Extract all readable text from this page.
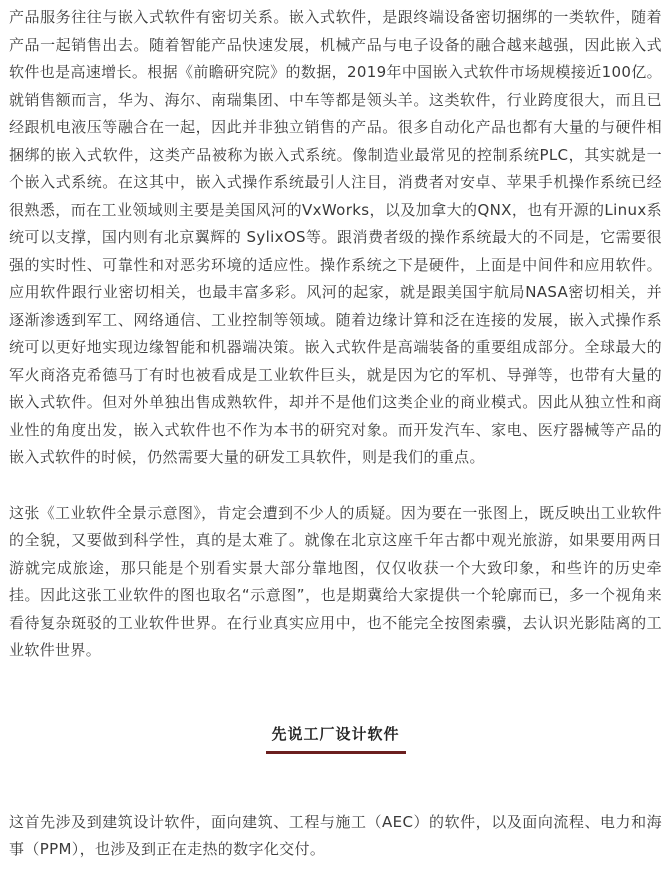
产品服务往往与嵌入式软件有密切关系。嵌入式软件，是跟终端设备密切捆绑的一类软件，随着产品一起销售出去。随着智能产品快速发展，机械产品与电子设备的融合越来越强，因此嵌入式软件也是高速增长。根据《前瞻研究院》的数据，2019年中国嵌入式软件市场规模接近100亿。就销售额而言，华为、海尔、南瑞集团、中车等都是领头羊。这类软件，行业跨度很大，而且已经跟机电液压等融合在一起，因此并非独立销售的产品。很多自动化产品也都有大量的与硬件相捆绑的嵌入式软件，这类产品被称为嵌入式系统。像制造业最常见的控制系统PLC，其实就是一个嵌入式系统。在这其中，嵌入式操作系统最引人注目，消费者对安卓、苹果手机操作系统已经很熟悉，而在工业领域则主要是美国风河的VxWorks，以及加拿大的QNX，也有开源的Linux系统可以支撑，国内则有北京翼辉的 SylixOS等。跟消费者级的操作系统最大的不同是，它需要很强的实时性、可靠性和对恶劣环境的适应性。操作系统之下是硬件，上面是中间件和应用软件。应用软件跟行业密切相关，也最丰富多彩。风河的起家，就是跟美国宇航局NASA密切相关，并逐渐渗透到军工、网络通信、工业控制等领域。随着边缘计算和泛在连接的发展，嵌入式操作系统可以更好地实现边缘智能和机器端决策。嵌入式软件是高端装备的重要组成部分。全球最大的军火商洛克希德马丁有时也被看成是工业软件巨头，就是因为它的军机、导弹等，也带有大量的嵌入式软件。但对外单独出售成熟软件，却并不是他们这类企业的商业模式。因此从独立性和商业性的角度出发，嵌入式软件也不作为本书的研究对象。而开发汽车、家电、医疗器械等产品的嵌入式软件的时候，仍然需要大量的研发工具软件，则是我们的重点。

这张《工业软件全景示意图》，肯定会遭到不少人的质疑。因为要在一张图上，既反映出工业软件的全貌，又要做到科学性，真的是太难了。就像在北京这座千年古都中观光旅游，如果要用两日游就完成旅途，那只能是个别看实景大部分靠地图，仅仅收获一个大致印象，和些许的历史牵挂。因此这张工业软件的图也取名“示意图”，也是期冀给大家提供一个轮廓而已，多一个视角来看待复杂斑驳的工业软件世界。在行业真实应用中，也不能完全按图索骥，去认识光影陆离的工业软件世界。

先说工厂设计软件

这首先涉及到建筑设计软件，面向建筑、工程与施工（AEC）的软件，以及面向流程、电力和海事（PPM），也涉及到正在走热的数字化交付。
